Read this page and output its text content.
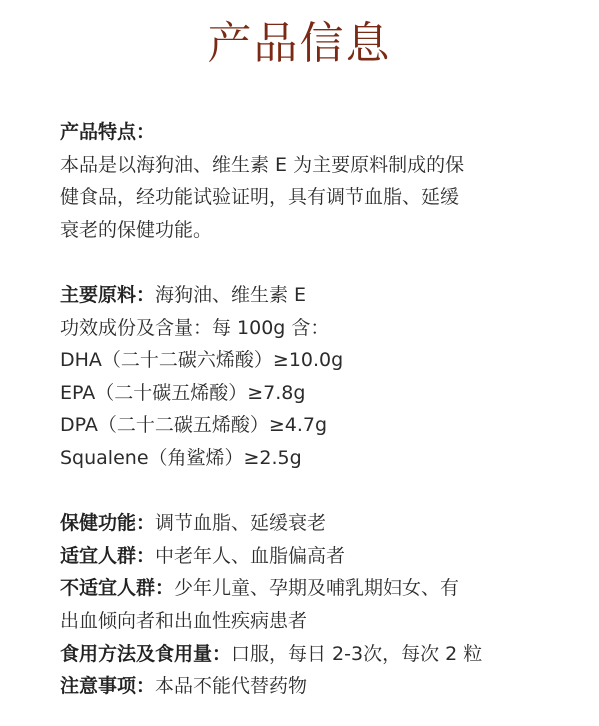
产品信息
产品特点：
本品是以海狗油、维生素 E 为主要原料制成的保
健食品，经功能试验证明，具有调节血脂、延缓
衰老的保健功能。
主要原料：海狗油、维生素 E
功效成份及含量：每 100g 含：
DHA（二十二碳六烯酸）≥10.0g
EPA（二十碳五烯酸）≥7.8g
DPA（二十二碳五烯酸）≥4.7g
Squalene（角鲨烯）≥2.5g
保健功能：调节血脂、延缓衰老
适宜人群：中老年人、血脂偏高者
不适宜人群：少年儿童、孕期及哺乳期妇女、有
出血倾向者和出血性疾病患者
食用方法及食用量：口服，每日 2-3次，每次 2 粒
注意事项：本品不能代替药物
